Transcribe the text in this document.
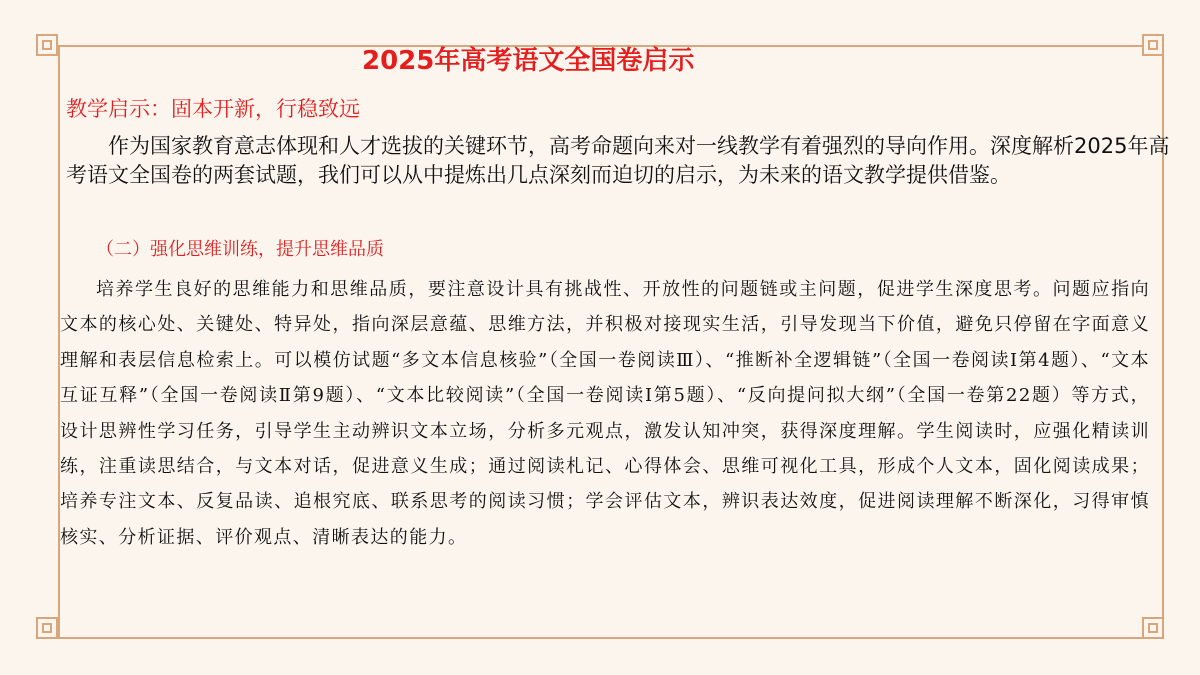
2025年高考语文全国卷启示
教学启示：固本开新，行稳致远
作为国家教育意志体现和人才选拔的关键环节，高考命题向来对一线教学有着强烈的导向作用。深度解析2025年高考语文全国卷的两套试题，我们可以从中提炼出几点深刻而迫切的启示，为未来的语文教学提供借鉴。
（二）强化思维训练，提升思维品质
培养学生良好的思维能力和思维品质，要注意设计具有挑战性、开放性的问题链或主问题，促进学生深度思考。问题应指向文本的核心处、关键处、特异处，指向深层意蕴、思维方法，并积极对接现实生活，引导发现当下价值，避免只停留在字面意义理解和表层信息检索上。可以模仿试题“多文本信息核验”（全国一卷阅读Ⅲ）、“推断补全逻辑链”（全国一卷阅读Ⅰ第4题）、“文本互证互释”（全国一卷阅读Ⅱ第9题）、“文本比较阅读”（全国一卷阅读Ⅰ第5题）、“反向提问拟大纲”（全国一卷第22题）等方式，设计思辨性学习任务，引导学生主动辨识文本立场，分析多元观点，激发认知冲突，获得深度理解。学生阅读时，应强化精读训练，注重读思结合，与文本对话，促进意义生成；通过阅读札记、心得体会、思维可视化工具，形成个人文本，固化阅读成果；培养专注文本、反复品读、追根究底、联系思考的阅读习惯；学会评估文本，辨识表达效度，促进阅读理解不断深化，习得审慎核实、分析证据、评价观点、清晰表达的能力。
